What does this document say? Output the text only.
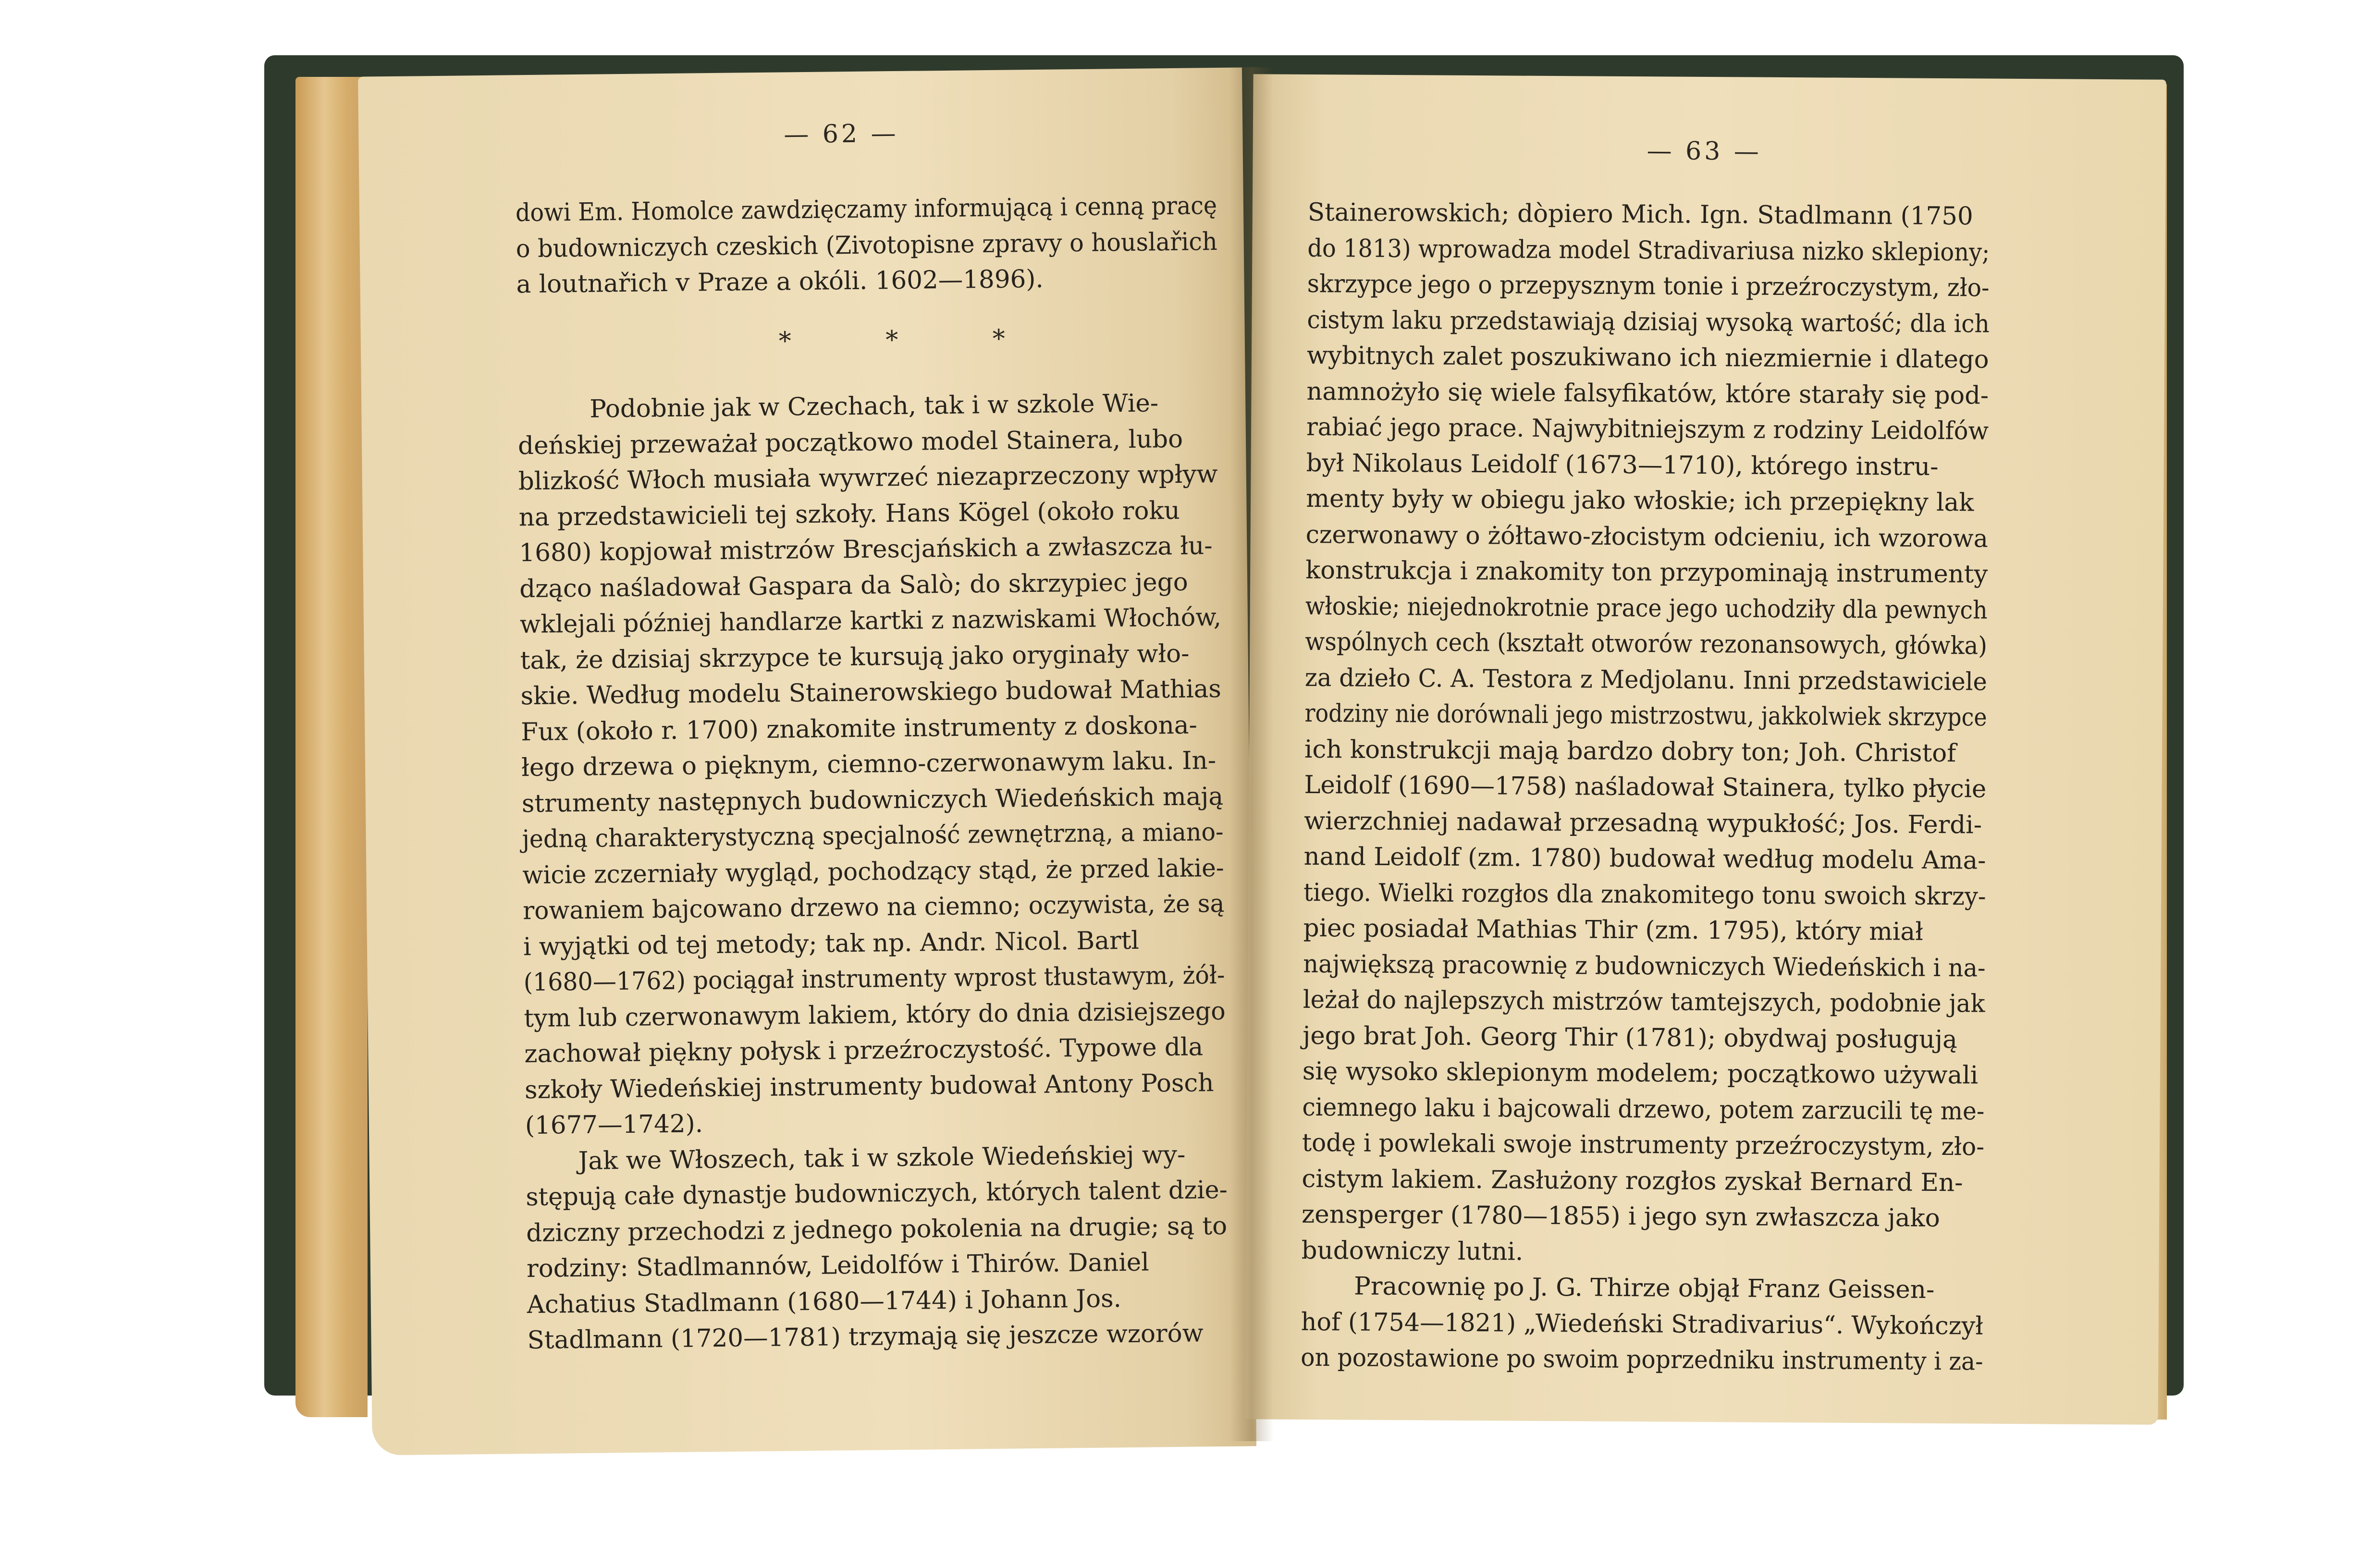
— 62 —
dowi Em. Homolce zawdzięczamy informującą i cenną pracę
o budowniczych czeskich (Zivotopisne zpravy o houslařich
a loutnařich v Praze a okóli. 1602—1896).
* * *
Podobnie jak w Czechach, tak i w szkole Wie-
deńskiej przeważał początkowo model Stainera, lubo
blizkość Włoch musiała wywrzeć niezaprzeczony wpływ
na przedstawicieli tej szkoły. Hans Kögel (około roku
1680) kopjował mistrzów Brescjańskich a zwłaszcza łu-
dząco naśladował Gaspara da Salò; do skrzypiec jego
wklejali później handlarze kartki z nazwiskami Włochów,
tak, że dzisiaj skrzypce te kursują jako oryginały wło-
skie. Według modelu Stainerowskiego budował Mathias
Fux (około r. 1700) znakomite instrumenty z doskona-
łego drzewa o pięknym, ciemno-czerwonawym laku. In-
strumenty następnych budowniczych Wiedeńskich mają
jedną charakterystyczną specjalność zewnętrzną, a miano-
wicie zczerniały wygląd, pochodzący stąd, że przed lakie-
rowaniem bajcowano drzewo na ciemno; oczywista, że są
i wyjątki od tej metody; tak np. Andr. Nicol. Bartl
(1680—1762) pociągał instrumenty wprost tłustawym, żół-
tym lub czerwonawym lakiem, który do dnia dzisiejszego
zachował piękny połysk i przeźroczystość. Typowe dla
szkoły Wiedeńskiej instrumenty budował Antony Posch
(1677—1742).
Jak we Włoszech, tak i w szkole Wiedeńskiej wy-
stępują całe dynastje budowniczych, których talent dzie-
dziczny przechodzi z jednego pokolenia na drugie; są to
rodziny: Stadlmannów, Leidolfów i Thirów. Daniel
Achatius Stadlmann (1680—1744) i Johann Jos.
Stadlmann (1720—1781) trzymają się jeszcze wzorów
— 63 —
Stainerowskich; dòpiero Mich. Ign. Stadlmann (1750
do 1813) wprowadza model Stradivariusa nizko sklepiony;
skrzypce jego o przepysznym tonie i przeźroczystym, zło-
cistym laku przedstawiają dzisiaj wysoką wartość; dla ich
wybitnych zalet poszukiwano ich niezmiernie i dlatego
namnożyło się wiele falsyfikatów, które starały się pod-
rabiać jego prace. Najwybitniejszym z rodziny Leidolfów
był Nikolaus Leidolf (1673—1710), którego instru-
menty były w obiegu jako włoskie; ich przepiękny lak
czerwonawy o żółtawo-złocistym odcieniu, ich wzorowa
konstrukcja i znakomity ton przypominają instrumenty
włoskie; niejednokrotnie prace jego uchodziły dla pewnych
wspólnych cech (kształt otworów rezonansowych, główka)
za dzieło C. A. Testora z Medjolanu. Inni przedstawiciele
rodziny nie dorównali jego mistrzostwu, jakkolwiek skrzypce
ich konstrukcji mają bardzo dobry ton; Joh. Christof
Leidolf (1690—1758) naśladował Stainera, tylko płycie
wierzchniej nadawał przesadną wypukłość; Jos. Ferdi-
nand Leidolf (zm. 1780) budował według modelu Ama-
tiego. Wielki rozgłos dla znakomitego tonu swoich skrzy-
piec posiadał Mathias Thir (zm. 1795), który miał
największą pracownię z budowniczych Wiedeńskich i na-
leżał do najlepszych mistrzów tamtejszych, podobnie jak
jego brat Joh. Georg Thir (1781); obydwaj posługują
się wysoko sklepionym modelem; początkowo używali
ciemnego laku i bajcowali drzewo, potem zarzucili tę me-
todę i powlekali swoje instrumenty przeźroczystym, zło-
cistym lakiem. Zasłużony rozgłos zyskał Bernard En-
zensperger (1780—1855) i jego syn zwłaszcza jako
budowniczy lutni.
Pracownię po J. G. Thirze objął Franz Geissen-
hof (1754—1821) „Wiedeński Stradivarius“. Wykończył
on pozostawione po swoim poprzedniku instrumenty i za-
